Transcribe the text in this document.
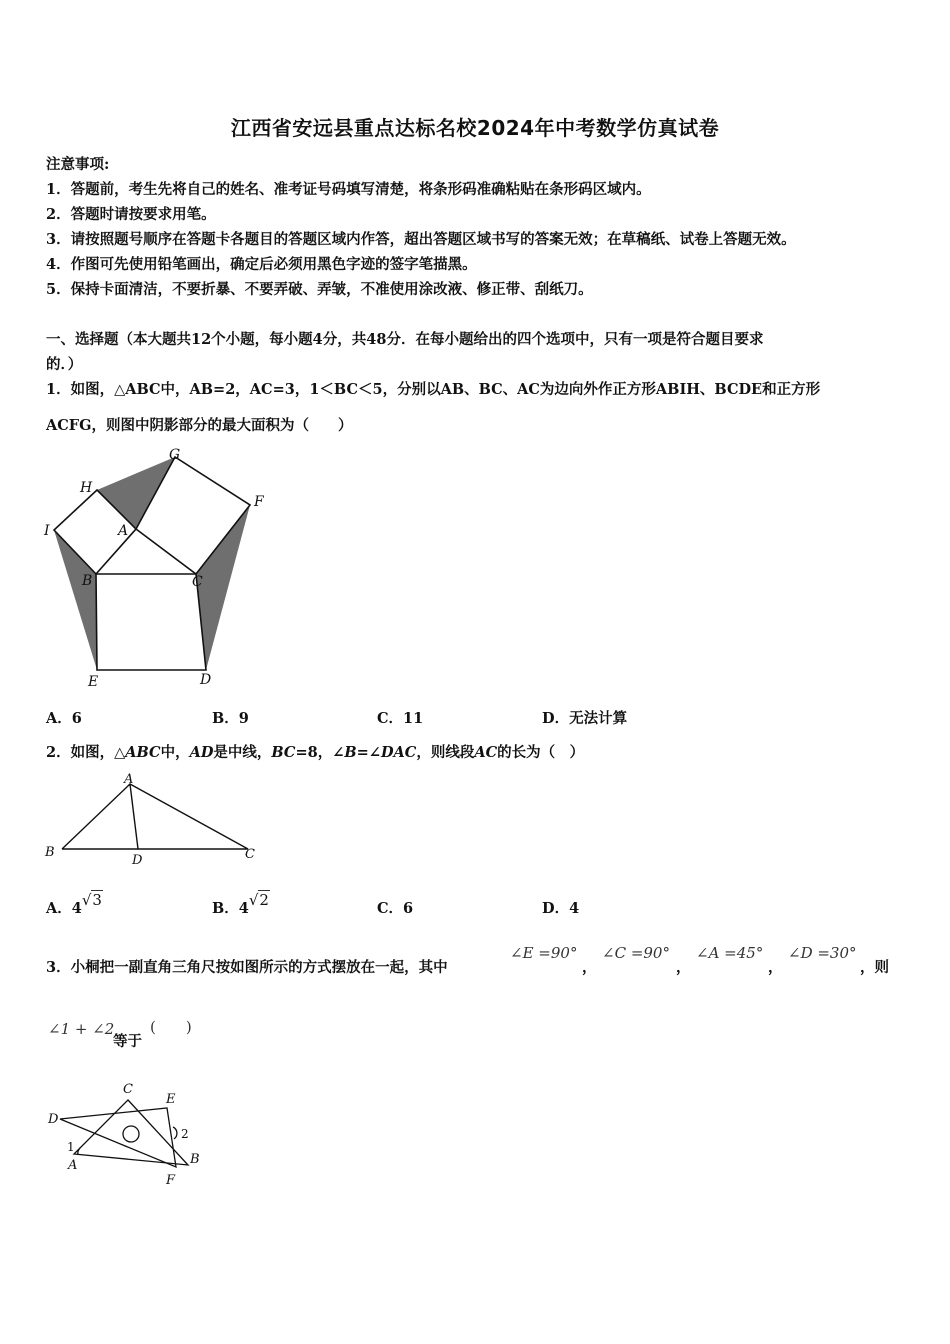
江西省安远县重点达标名校2024年中考数学仿真试卷
注意事项:
1．答题前，考生先将自己的姓名、准考证号码填写清楚，将条形码准确粘贴在条形码区域内。
2．答题时请按要求用笔。
3．请按照题号顺序在答题卡各题目的答题区域内作答，超出答题区域书写的答案无效；在草稿纸、试卷上答题无效。
4．作图可先使用铅笔画出，确定后必须用黑色字迹的签字笔描黑。
5．保持卡面清洁，不要折暴、不要弄破、弄皱，不准使用涂改液、修正带、刮纸刀。
一、选择题（本大题共12个小题，每小题4分，共48分．在每小题给出的四个选项中，只有一项是符合题目要求
的．）
1．如图，△ABC中，AB=2，AC=3，1＜BC＜5，分别以AB、BC、AC为边向外作正方形ABIH、BCDE和正方形
ACFG，则图中阴影部分的最大面积为（　　）
G
H
F
I	A
B	C
E	D
A．6	B．9	C．11	D．无法计算
2．如图，△ABC中，AD是中线，BC=8，∠B=∠DAC，则线段AC的长为（　）
A
B
D	C
A．4√3	B．4√2	C．6	D．4
3．小桐把一副直角三角尺按如图所示的方式摆放在一起，其中
∠E =90°
，
∠C =90°
，
∠A =45°
，
∠D =30°
，则
∠1 + ∠2
等于
(　　)
C
E
D
1
2
A	B
F
